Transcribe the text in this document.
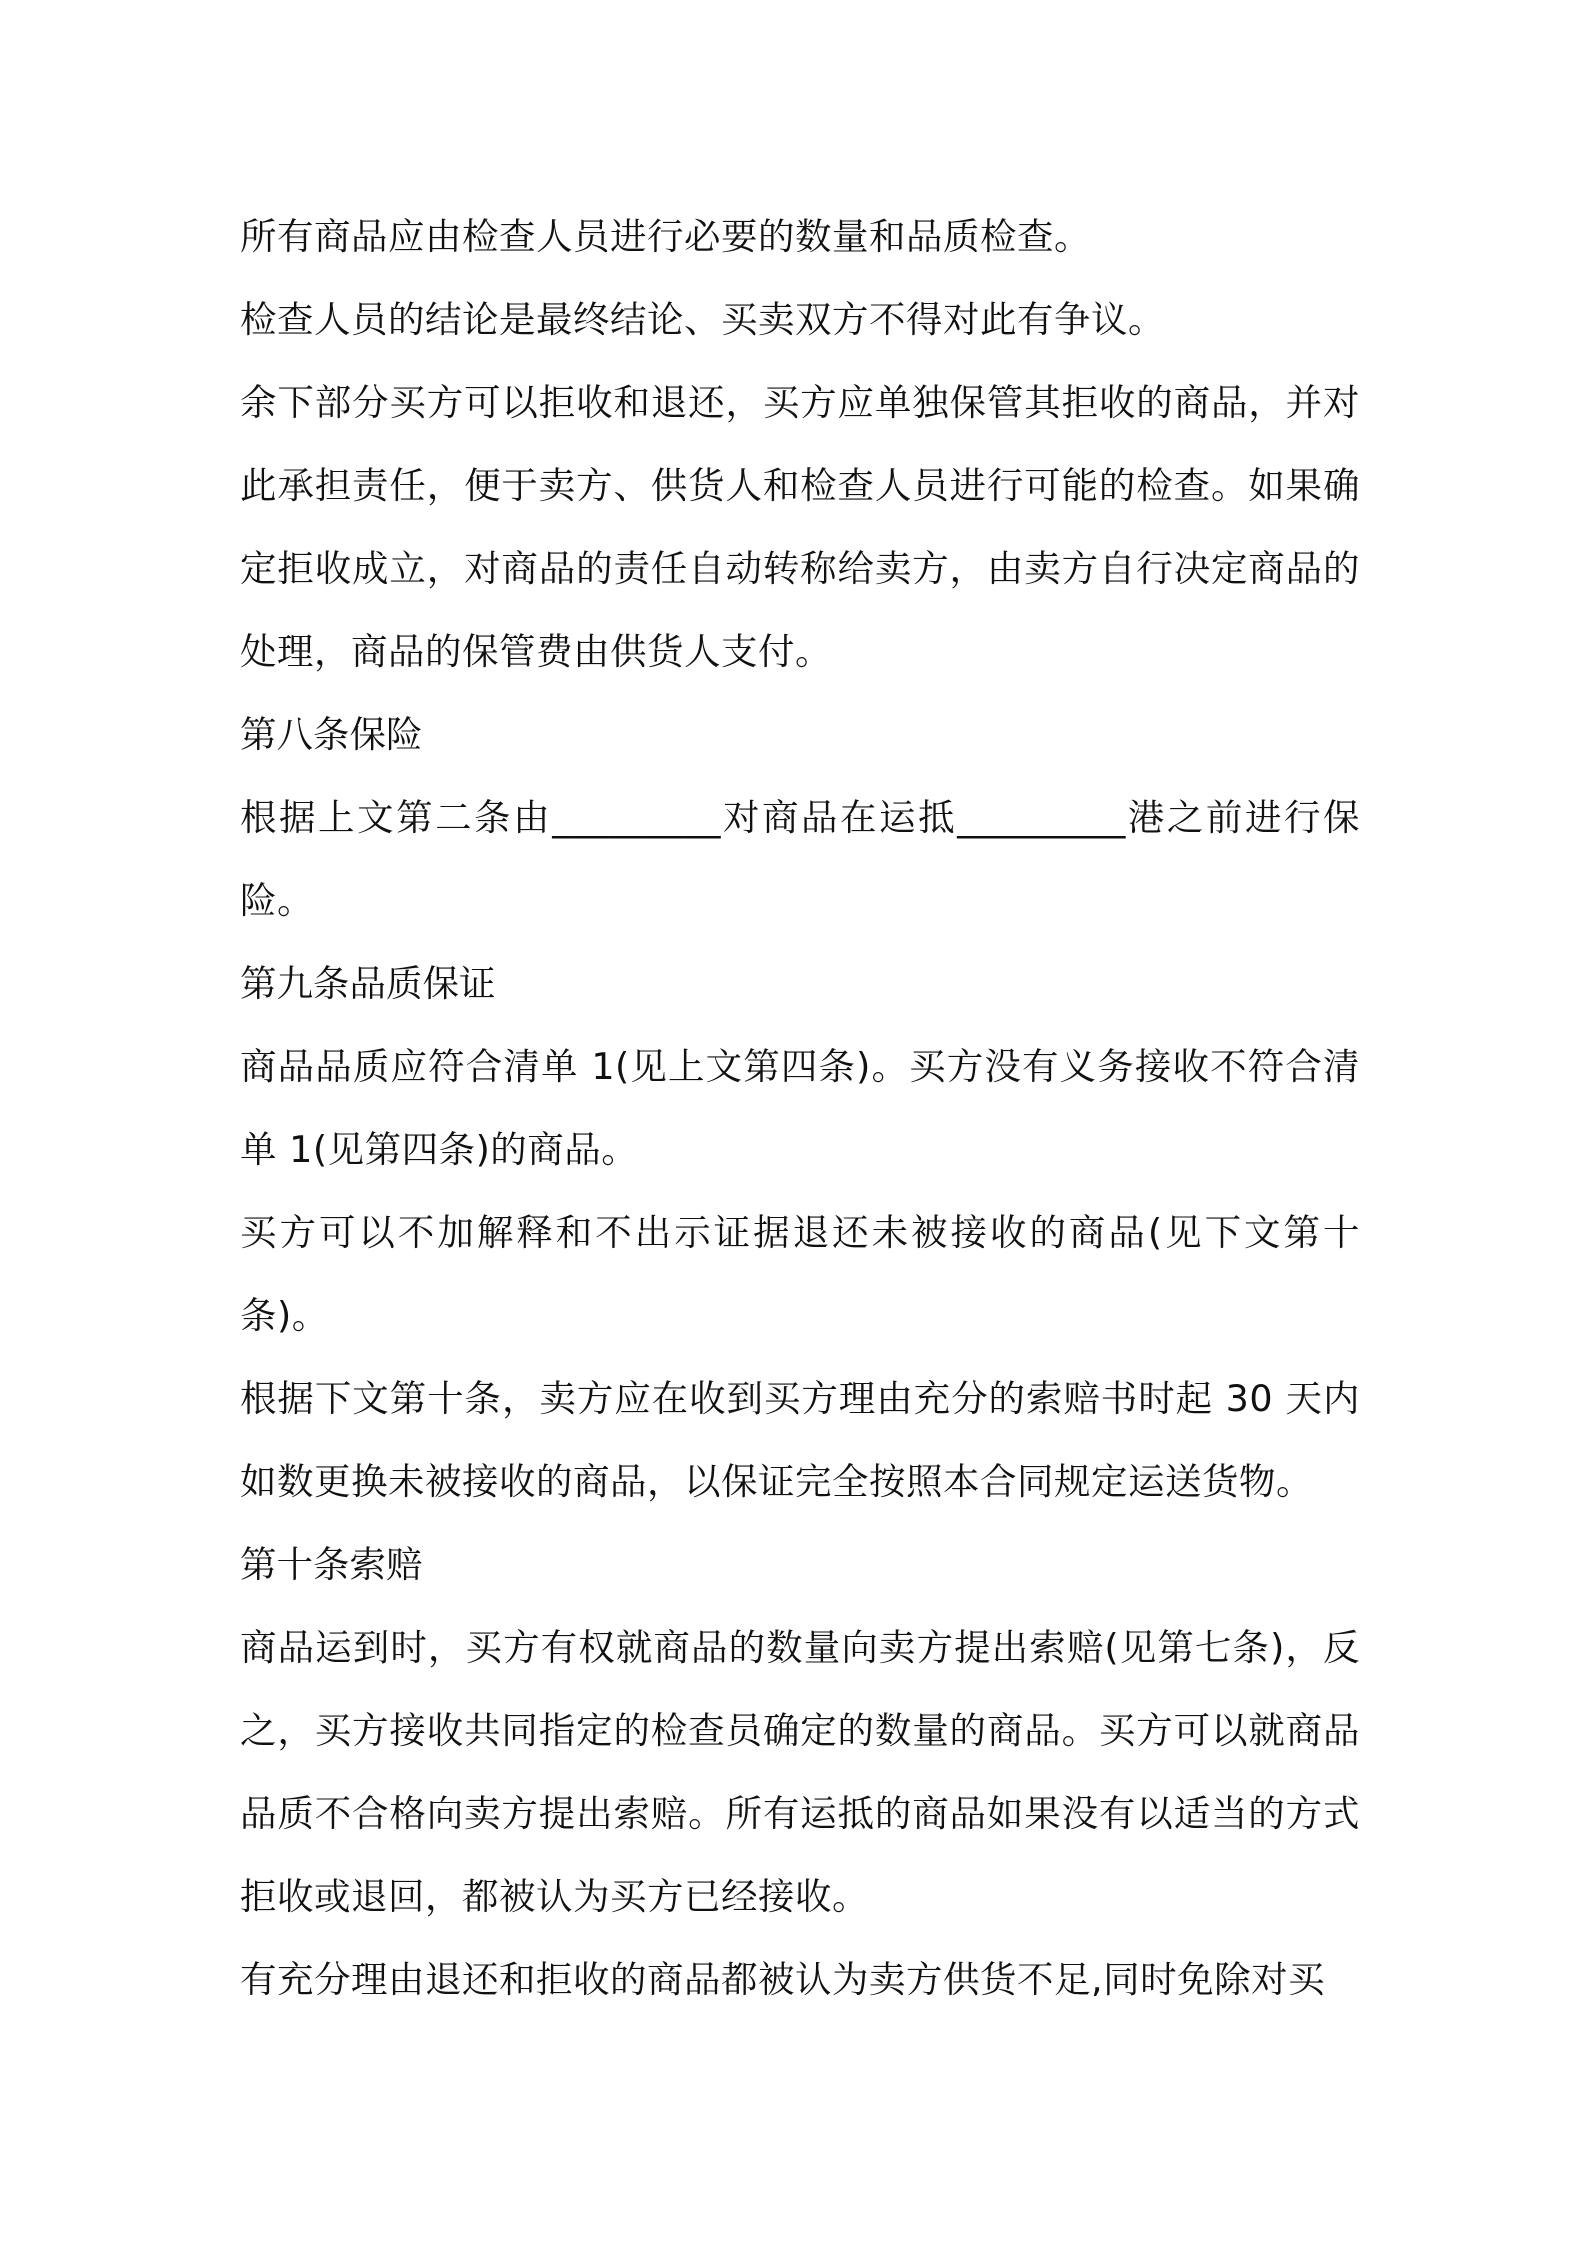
所有商品应由检查人员进行必要的数量和品质检查。

检查人员的结论是最终结论、买卖双方不得对此有争议。

余下部分买方可以拒收和退还，买方应单独保管其拒收的商品，并对此承担责任，便于卖方、供货人和检查人员进行可能的检查。如果确定拒收成立，对商品的责任自动转称给卖方，由卖方自行决定商品的处理，商品的保管费由供货人支付。

第八条保险

根据上文第二条由_________对商品在运抵_________港之前进行保险。

第九条品质保证

商品品质应符合清单 1(见上文第四条)。买方没有义务接收不符合清单 1(见第四条)的商品。

买方可以不加解释和不出示证据退还未被接收的商品(见下文第十条)。

根据下文第十条，卖方应在收到买方理由充分的索赔书时起 30 天内如数更换未被接收的商品，以保证完全按照本合同规定运送货物。

第十条索赔

商品运到时，买方有权就商品的数量向卖方提出索赔(见第七条)，反之，买方接收共同指定的检查员确定的数量的商品。买方可以就商品品质不合格向卖方提出索赔。所有运抵的商品如果没有以适当的方式拒收或退回，都被认为买方已经接收。

有充分理由退还和拒收的商品都被认为卖方供货不足,同时免除对买
